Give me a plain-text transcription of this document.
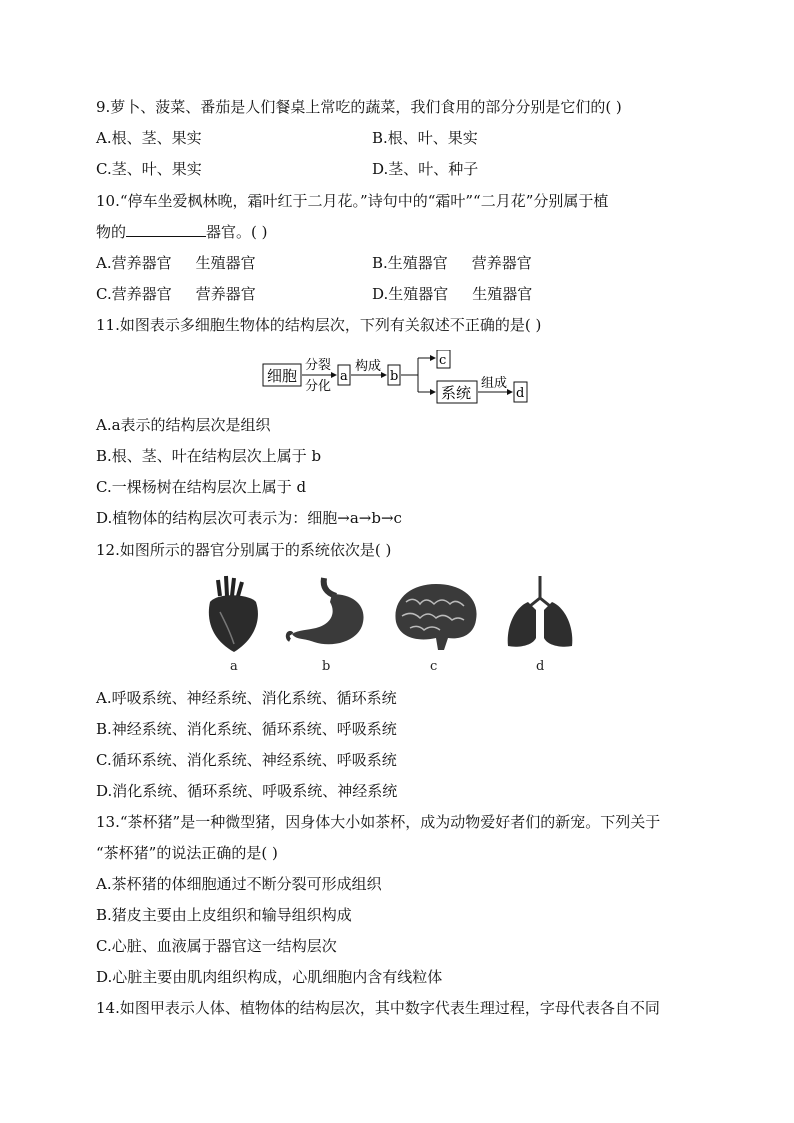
9.萝卜、菠菜、番茄是人们餐桌上常吃的蔬菜，我们食用的部分分别是它们的( )
A.根、茎、果实	B.根、叶、果实
C.茎、叶、果实	D.茎、叶、种子
10.“停车坐爱枫林晚，霜叶红于二月花。”诗句中的“霜叶”“二月花”分别属于植
物的	器官。( )
A.营养器官 生殖器官	B.生殖器官 营养器官
C.营养器官 营养器官	D.生殖器官 生殖器官
11.如图表示多细胞生物体的结构层次，下列有关叙述不正确的是( )
细胞
分裂
分化
a
构成
b
c
系统
组成
d
A.a表示的结构层次是组织
B.根、茎、叶在结构层次上属于 b
C.一棵杨树在结构层次上属于 d
D.植物体的结构层次可表示为：细胞→a→b→c
12.如图所示的器官分别属于的系统依次是( )
a	b	c	d
A.呼吸系统、神经系统、消化系统、循环系统
B.神经系统、消化系统、循环系统、呼吸系统
C.循环系统、消化系统、神经系统、呼吸系统
D.消化系统、循环系统、呼吸系统、神经系统
13.“茶杯猪”是一种微型猪，因身体大小如茶杯，成为动物爱好者们的新宠。下列关于
“茶杯猪”的说法正确的是( )
A.茶杯猪的体细胞通过不断分裂可形成组织
B.猪皮主要由上皮组织和输导组织构成
C.心脏、血液属于器官这一结构层次
D.心脏主要由肌肉组织构成，心肌细胞内含有线粒体
14.如图甲表示人体、植物体的结构层次，其中数字代表生理过程，字母代表各自不同
